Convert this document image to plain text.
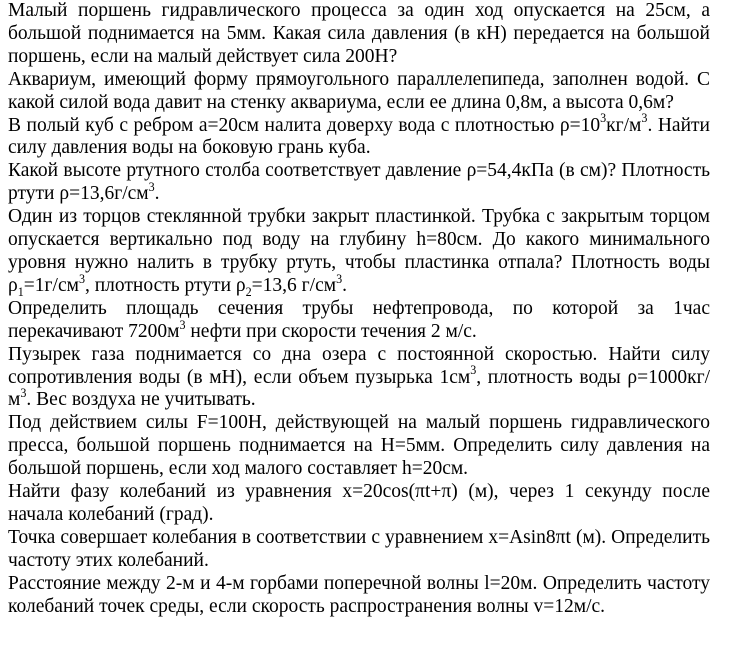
Малый поршень гидравлического процесса за один ход опускается на 25см, а большой поднимается на 5мм. Какая сила давления (в кН) передается на большой поршень, если на малый действует сила 200Н?

Аквариум, имеющий форму прямоугольного параллелепипеда, заполнен водой. С какой силой вода давит на стенку аквариума, если ее длина 0,8м, а высота 0,6м?

В полый куб с ребром а=20см налита доверху вода с плотностью $\rho=10^3кг/м^3$. Найти силу давления воды на боковую грань куба.

Какой высоте ртутного столба соответствует давление ρ=54,4кПа (в см)? Плотность ртути $\rho=13,6г/см^3$.

Один из торцов стеклянной трубки закрыт пластинкой. Трубка с закрытым торцом опускается вертикально под воду на глубину h=80см. До какого минимального уровня нужно налить в трубку ртуть, чтобы пластинка отпала? Плотность воды $\rho_1=1г/см^3$, плотность ртути $\rho_2=13,6$ $г/см^3$.

Определить площадь сечения трубы нефтепровода, по которой за 1час перекачивают $7200м^3$ нефти при скорости течения 2 м/с.

Пузырек газа поднимается со дна озера с постоянной скоростью. Найти силу сопротивления воды (в мН), если объем пузырька $1см^3$, плотность воды $\rho=1000кг/м^3$. Вес воздуха не учитывать.

Под действием силы F=100Н, действующей на малый поршень гидравлического пресса, большой поршень поднимается на H=5мм. Определить силу давления на большой поршень, если ход малого составляет h=20см.

Найти фазу колебаний из уравнения x=20cos(πt+π) (м), через 1 секунду после начала колебаний (град).

Точка совершает колебания в соответствии с уравнением x=Asin8πt (м). Определить частоту этих колебаний.

Расстояние между 2-м и 4-м горбами поперечной волны l=20м. Определить частоту колебаний точек среды, если скорость распространения волны v=12м/с.
